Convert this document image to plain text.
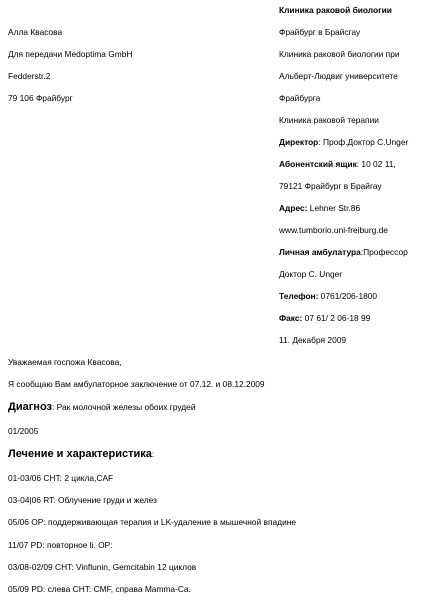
Алла Квасова
Для передачи Medoptima GmbH
Fedderstr.2
79 106 Фрайбург
Клиника раковой биологии
Фрайбург в Брайсгау
Клиника раковой биологии при
Альберт-Людвиг университете
Фрайбурга
Клиника раковой терапии
Директор: Проф.Доктор С.Unger
Абонентский ящик: 10 02 11,
79121 Фрайбург в Брайгау
Адрес: Lehner Str.86
www.tumborio.uni-freiburg.de
Личная амбулатура:Профессор
Доктор С. Unger
Телефон: 0761/206-1800
Факс: 07 61/ 2 06-18 99
11. Декабря 2009
Уважаемая госпожа Квасова,
Я сообщаю Вам амбулаторное заключение от 07.12. и 08.12.2009
Диагноз: Рак молочной железы обоих грудей
01/2005
Лечение и характеристика:
01-03/06 CHT: 2 цикла,CAF
03-04|06 RT: Облучение груди и желез
05/06 OP: поддерживающая терапия и LK-удаление в мышечной впадине
11/07 PD: повторное li. OP:
03/08-02/09 CHT: Vinflunin, Gemcitabin 12 циклов
05/09 PD: слева CHT: CMF, справа Mamma-Ca.
